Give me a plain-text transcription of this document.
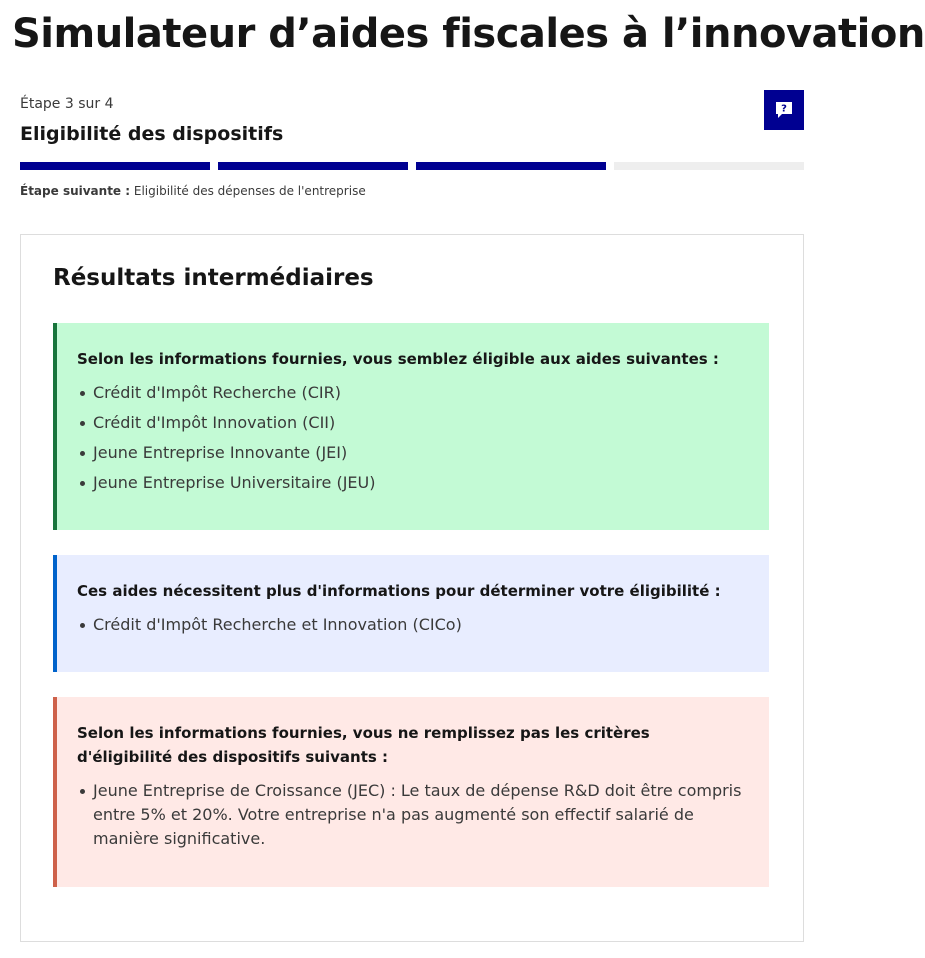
Simulateur d’aides fiscales à l’innovation
Étape 3 sur 4
Eligibilité des dispositifs
?
Étape suivante : Eligibilité des dépenses de l'entreprise
Résultats intermédiaires
Selon les informations fournies, vous semblez éligible aux aides suivantes :
Crédit d'Impôt Recherche (CIR)
Crédit d'Impôt Innovation (CII)
Jeune Entreprise Innovante (JEI)
Jeune Entreprise Universitaire (JEU)
Ces aides nécessitent plus d'informations pour déterminer votre éligibilité :
Crédit d'Impôt Recherche et Innovation (CICo)
Selon les informations fournies, vous ne remplissez pas les critères d'éligibilité des dispositifs suivants :
Jeune Entreprise de Croissance (JEC) : Le taux de dépense R&D doit être compris entre 5% et 20%. Votre entreprise n'a pas augmenté son effectif salarié de manière significative.
